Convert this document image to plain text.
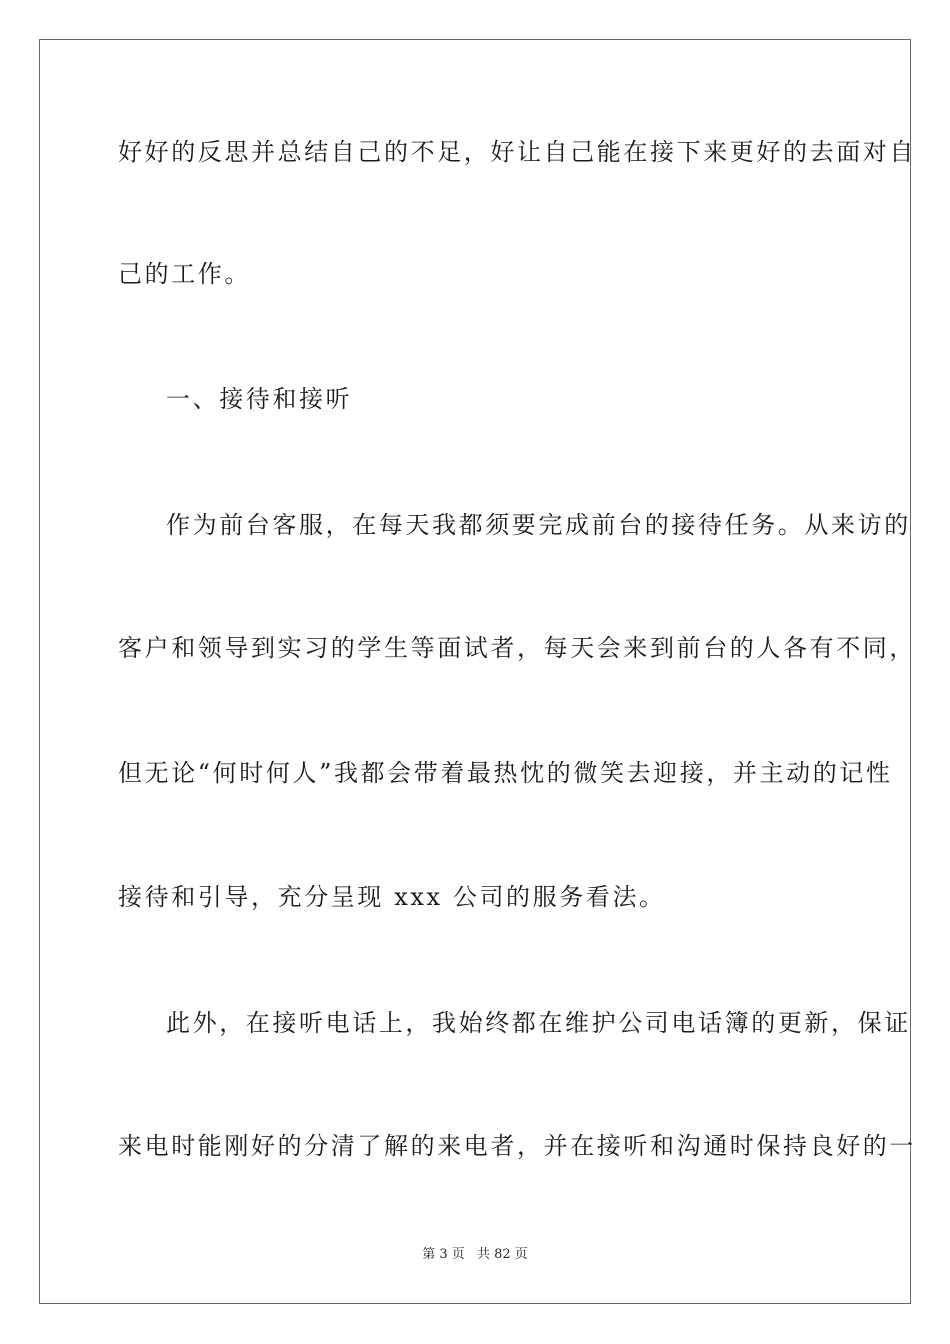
好好的反思并总结自己的不足，好让自己能在接下来更好的去面对自
己的工作。
一、接待和接听
作为前台客服，在每天我都须要完成前台的接待任务。从来访的
客户和领导到实习的学生等面试者，每天会来到前台的人各有不同，
但无论“何时何人”我都会带着最热忱的微笑去迎接，并主动的记性
接待和引导，充分呈现 xxx 公司的服务看法。
此外，在接听电话上，我始终都在维护公司电话簿的更新，保证
来电时能刚好的分清了解的来电者，并在接听和沟通时保持良好的一
第 3 页 共 82 页
